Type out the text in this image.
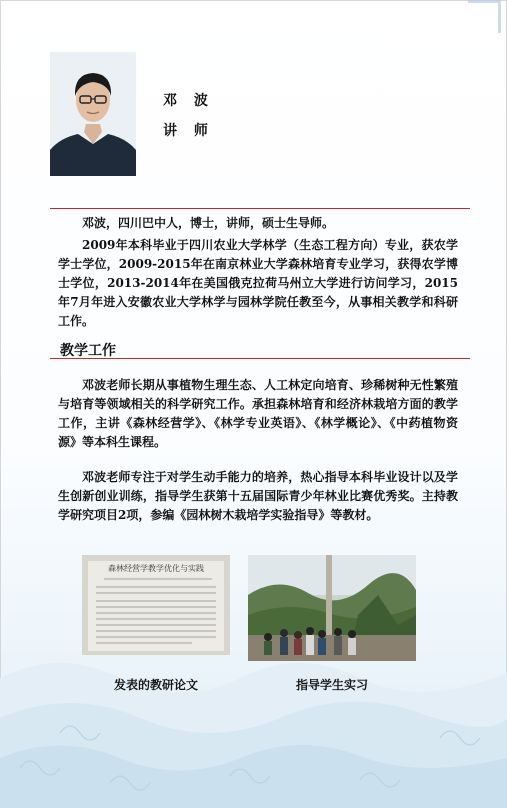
邓 波
讲 师
邓波，四川巴中人，博士，讲师，硕士生导师。
2009年本科毕业于四川农业大学林学（生态工程方向）专业，获农学学士学位，2009-2015年在南京林业大学森林培育专业学习，获得农学博士学位，2013-2014年在美国俄克拉荷马州立大学进行访问学习，2015年7月年进入安徽农业大学林学与园林学院任教至今，从事相关教学和科研工作。
教学工作
邓波老师长期从事植物生理生态、人工林定向培育、珍稀树种无性繁殖与培育等领域相关的科学研究工作。承担森林培育和经济林栽培方面的教学工作，主讲《森林经营学》、《林学专业英语》、《林学概论》、《中药植物资源》等本科生课程。
邓波老师专注于对学生动手能力的培养，热心指导本科毕业设计以及学生创新创业训练，指导学生获第十五届国际青少年林业比赛优秀奖。主持教学研究项目2项，参编《园林树木栽培学实验指导》等教材。
森林经营学教学优化与实践
发表的教研论文	指导学生实习
